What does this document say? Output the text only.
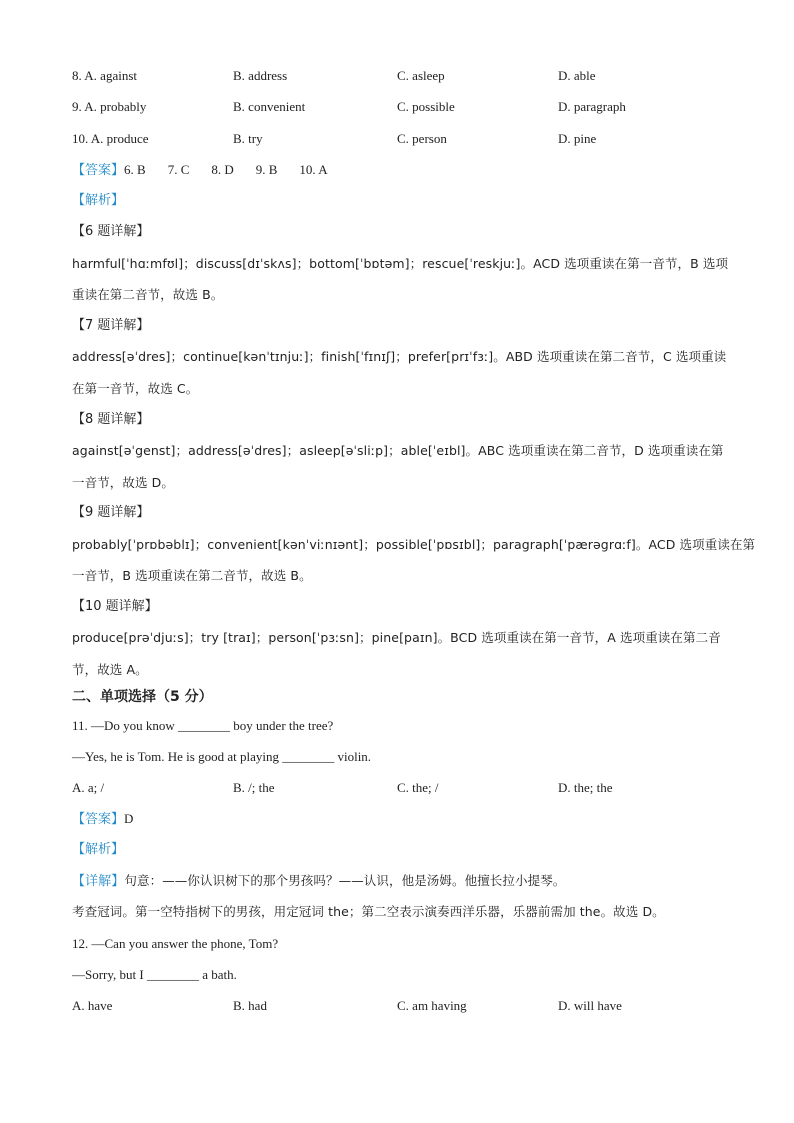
8. A. against	B. address	C. asleep	D. able
9. A. probably	B. convenient	C. possible	D. paragraph
10. A. produce	B. try	C. person	D. pine
【答案】6. B 7. C 8. D 9. B 10. A
【解析】
【6 题详解】
harmful[ˈhɑːmfʊl]；discuss[dɪˈskʌs]；bottom[ˈbɒtəm]；rescue[ˈreskjuː]。ACD 选项重读在第一音节，B 选项
重读在第二音节，故选 B。
【7 题详解】
address[əˈdres]；continue[kənˈtɪnjuː]；finish[ˈfɪnɪʃ]；prefer[prɪˈfɜː]。ABD 选项重读在第二音节，C 选项重读
在第一音节，故选 C。
【8 题详解】
against[əˈgenst]；address[əˈdres]；asleep[əˈsliːp]；able[ˈeɪbl]。ABC 选项重读在第二音节，D 选项重读在第
一音节，故选 D。
【9 题详解】
probably[ˈprɒbəblɪ]；convenient[kənˈviːnɪənt]；possible[ˈpɒsɪbl]；paragraph[ˈpærəgrɑːf]。ACD 选项重读在第
一音节，B 选项重读在第二音节，故选 B。
【10 题详解】
produce[prəˈdjuːs]；try [traɪ]；person[ˈpɜːsn]；pine[paɪn]。BCD 选项重读在第一音节，A 选项重读在第二音
节，故选 A。
二、单项选择（5 分）
11. —Do you know ________ boy under the tree?
—Yes, he is Tom. He is good at playing ________ violin.
A. a; /	B. /; the	C. the; /	D. the; the
【答案】D
【解析】
【详解】句意：——你认识树下的那个男孩吗？——认识，他是汤姆。他擅长拉小提琴。
考查冠词。第一空特指树下的男孩，用定冠词 the；第二空表示演奏西洋乐器，乐器前需加 the。故选 D。
12. —Can you answer the phone, Tom?
—Sorry, but I ________ a bath.
A. have	B. had	C. am having	D. will have
